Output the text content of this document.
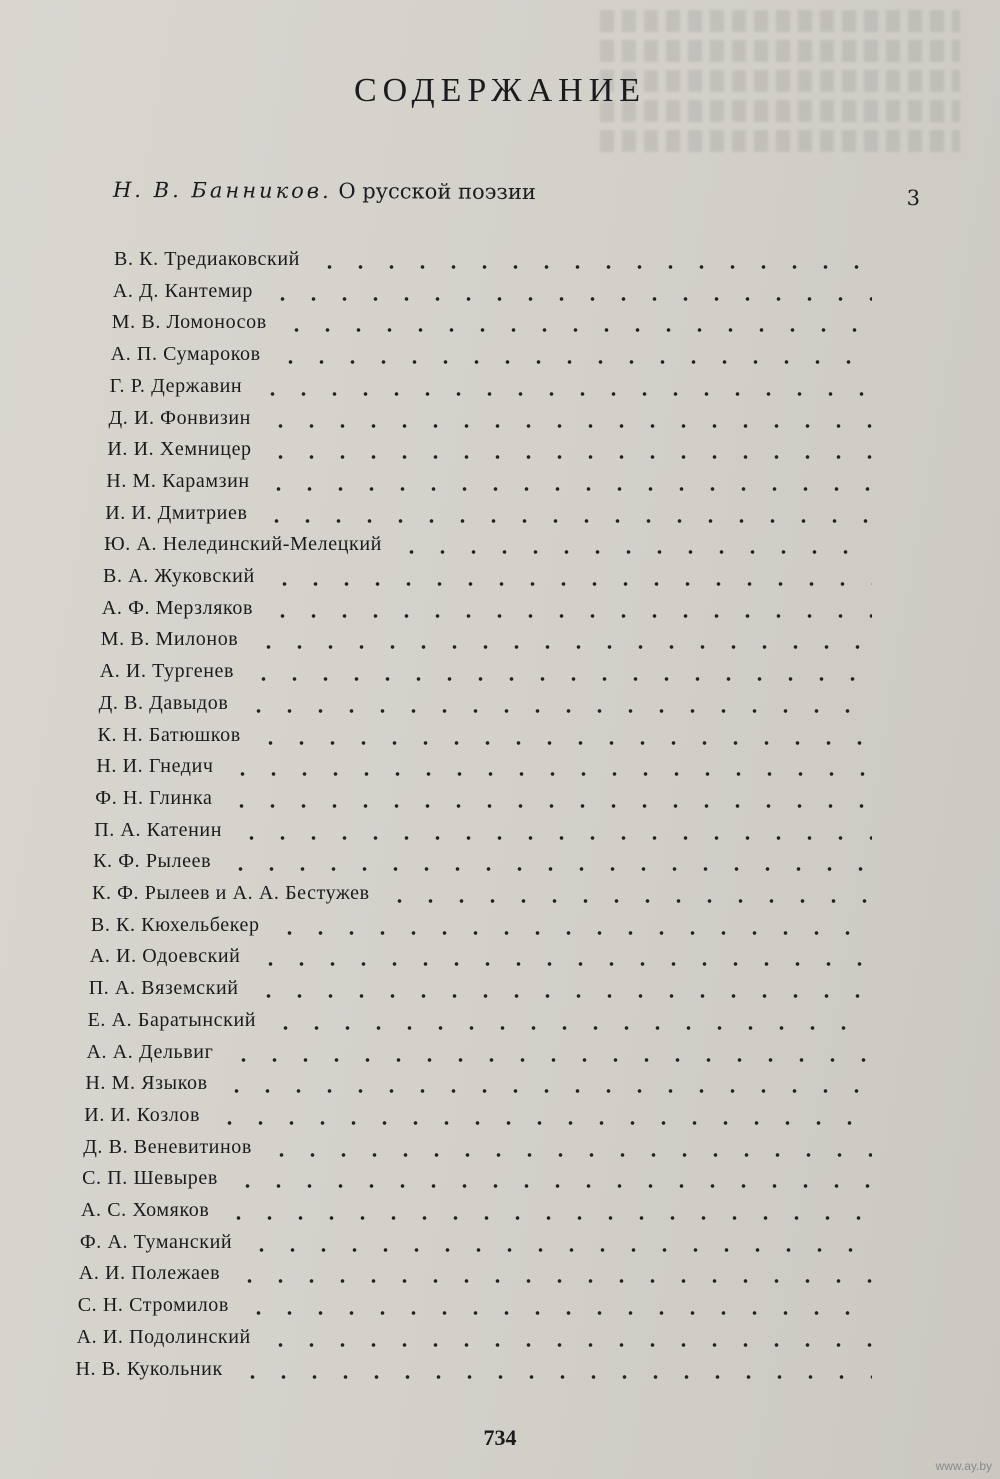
СОДЕРЖАНИЕ
Н. В. Банников. О русской поэзии	3
В. К. Тредиаковский
А. Д. Кантемир
М. В. Ломоносов
А. П. Сумароков
Г. Р. Державин
Д. И. Фонвизин
И. И. Хемницер
Н. М. Карамзин
И. И. Дмитриев
Ю. А. Нелединский-Мелецкий
В. А. Жуковский
А. Ф. Мерзляков
М. В. Милонов
А. И. Тургенев
Д. В. Давыдов
К. Н. Батюшков
Н. И. Гнедич
Ф. Н. Глинка
П. А. Катенин
К. Ф. Рылеев
К. Ф. Рылеев и А. А. Бестужев
В. К. Кюхельбекер
А. И. Одоевский
П. А. Вяземский
Е. А. Баратынский
А. А. Дельвиг
Н. М. Языков
И. И. Козлов
Д. В. Веневитинов
С. П. Шевырев
А. С. Хомяков
Ф. А. Туманский
А. И. Полежаев
С. Н. Стромилов
А. И. Подолинский
Н. В. Кукольник
734
www.ay.by
